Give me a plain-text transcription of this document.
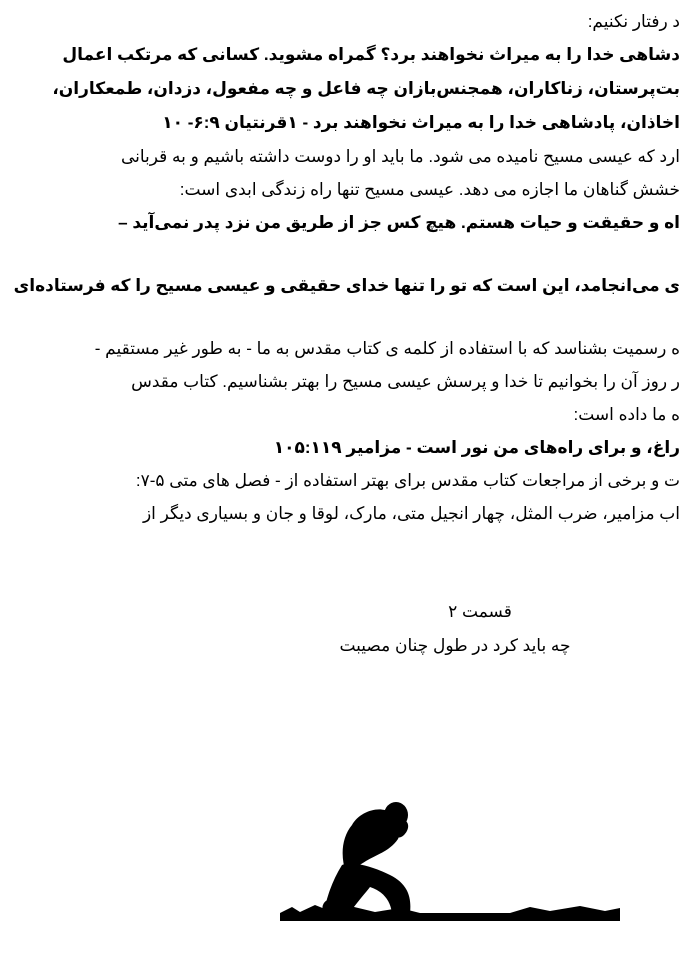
د رفتار نکنیم:
دشاهی خدا را به میراث نخواهند برد؟ گمراه مشوید. کسانی که مرتکب اعمال
بت‌پرستان، زناکاران، همجنس‌بازان چه فاعل و چه مفعول، دزدان، طمعکاران،
اخاذان، پادشاهی خدا را به میراث نخواهند برد - ۱قرنتیان ۶:۹- ۱۰
ارد که عیسی مسیح نامیده می شود. ما باید او را دوست داشته باشیم و به قربانی
خشش گناهان ما اجازه می دهد. عیسی مسیح تنها راه زندگی ابدی است:
اه و حقیقت و حیات هستم. هیچ کس جز از طریق من نزد پدر نمی‌آید –
ی می‌انجامد، این است که تو را تنها خدای حقیقی و عیسی مسیح را که فرستاده‌ای
ه رسمیت بشناسد که با استفاده از کلمه ی کتاب مقدس به ما - به طور غیر مستقیم -
ر روز آن را بخوانیم تا خدا و پرسش عیسی مسیح را بهتر بشناسیم. کتاب مقدس
ه ما داده است:
راغ، و برای راه‌های من نور است - مزامیر ۱۰۵:۱۱۹
ت و برخی از مراجعات کتاب مقدس برای بهتر استفاده از - فصل های متی ۵-۷:
اب مزامیر، ضرب المثل، چهار انجیل متی، مارک، لوقا و جان و بسیاری دیگر از
قسمت ۲
چه باید کرد در طول چنان مصیبت
